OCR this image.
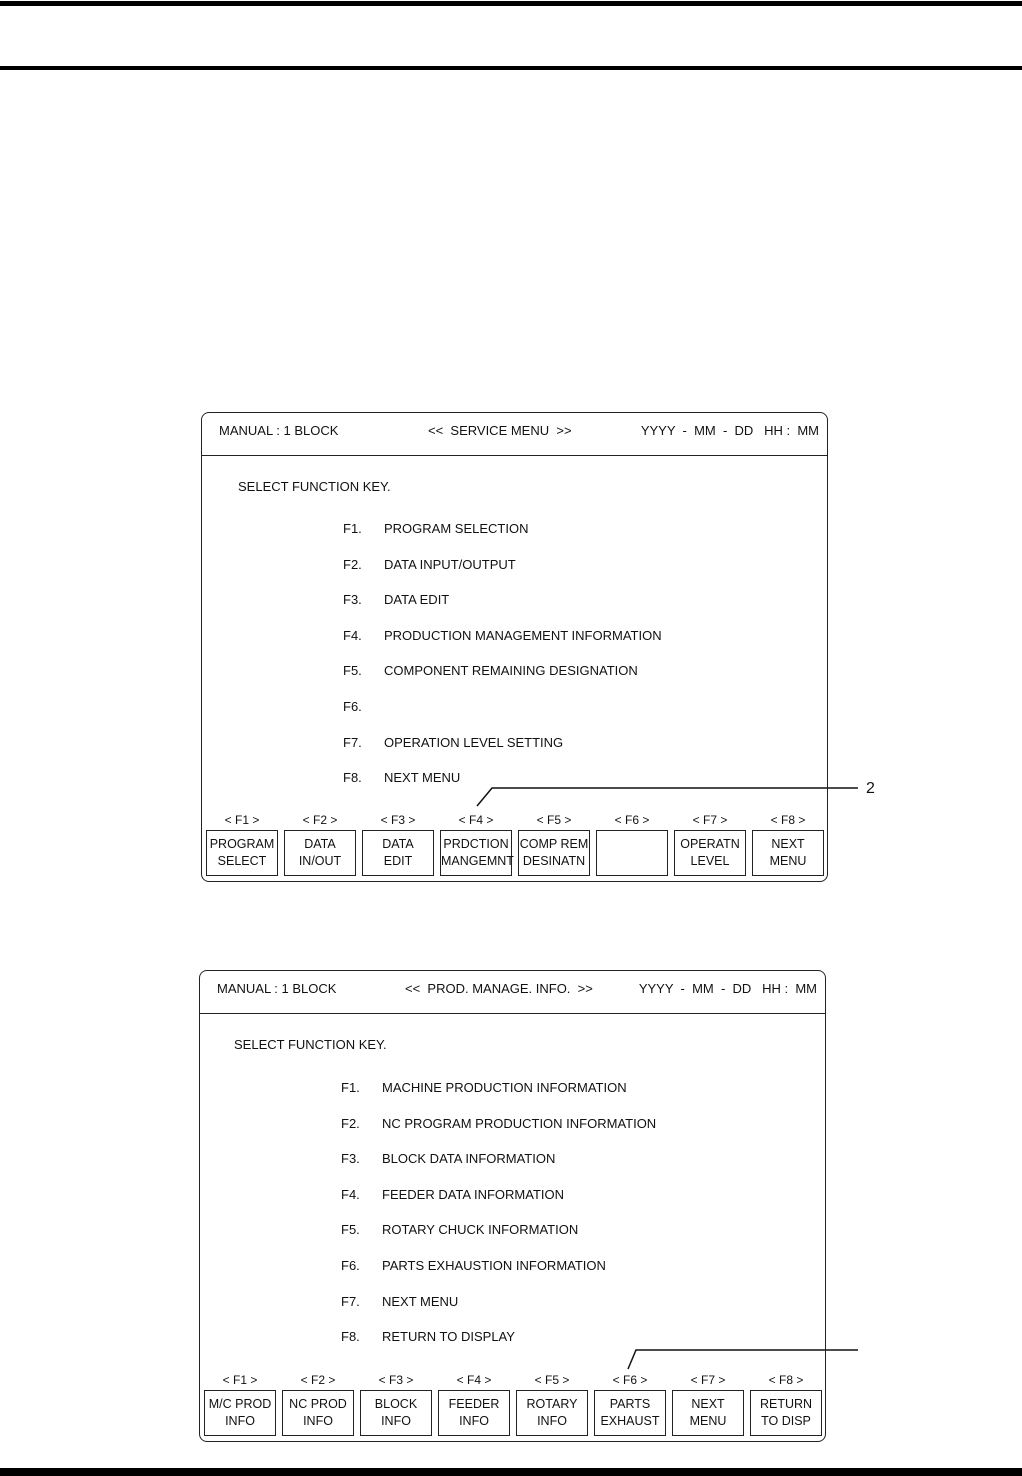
2
MANUAL : 1 BLOCK	<<  SERVICE MENU  >>	YYYY  -  MM  -  DD   HH :  MM
SELECT FUNCTION KEY.
F1. PROGRAM SELECTION
F2. DATA INPUT/OUTPUT
F3. DATA EDIT
F4. PRODUCTION MANAGEMENT INFORMATION
F5. COMPONENT REMAINING DESIGNATION
F6.
F7. OPERATION LEVEL SETTING
F8. NEXT MENU
< F1 >
PROGRAM
SELECT
< F2 >
DATA
IN/OUT
< F3 >
DATA
EDIT
< F4 >
PRDCTION
MANGEMNT
< F5 >
COMP REM
DESINATN
< F6 >	< F7 >
OPERATN
LEVEL
< F8 >
NEXT
MENU
MANUAL : 1 BLOCK	<<  PROD. MANAGE. INFO.  >>	YYYY  -  MM  -  DD   HH :  MM
SELECT FUNCTION KEY.
F1. MACHINE PRODUCTION INFORMATION
F2. NC PROGRAM PRODUCTION INFORMATION
F3. BLOCK DATA INFORMATION
F4. FEEDER DATA INFORMATION
F5. ROTARY CHUCK INFORMATION
F6. PARTS EXHAUSTION INFORMATION
F7. NEXT MENU
F8. RETURN TO DISPLAY
< F1 >
M/C PROD
INFO
< F2 >
NC PROD
INFO
< F3 >
BLOCK
INFO
< F4 >
FEEDER
INFO
< F5 >
ROTARY
INFO
< F6 >
PARTS
EXHAUST
< F7 >
NEXT
MENU
< F8 >
RETURN
TO DISP
